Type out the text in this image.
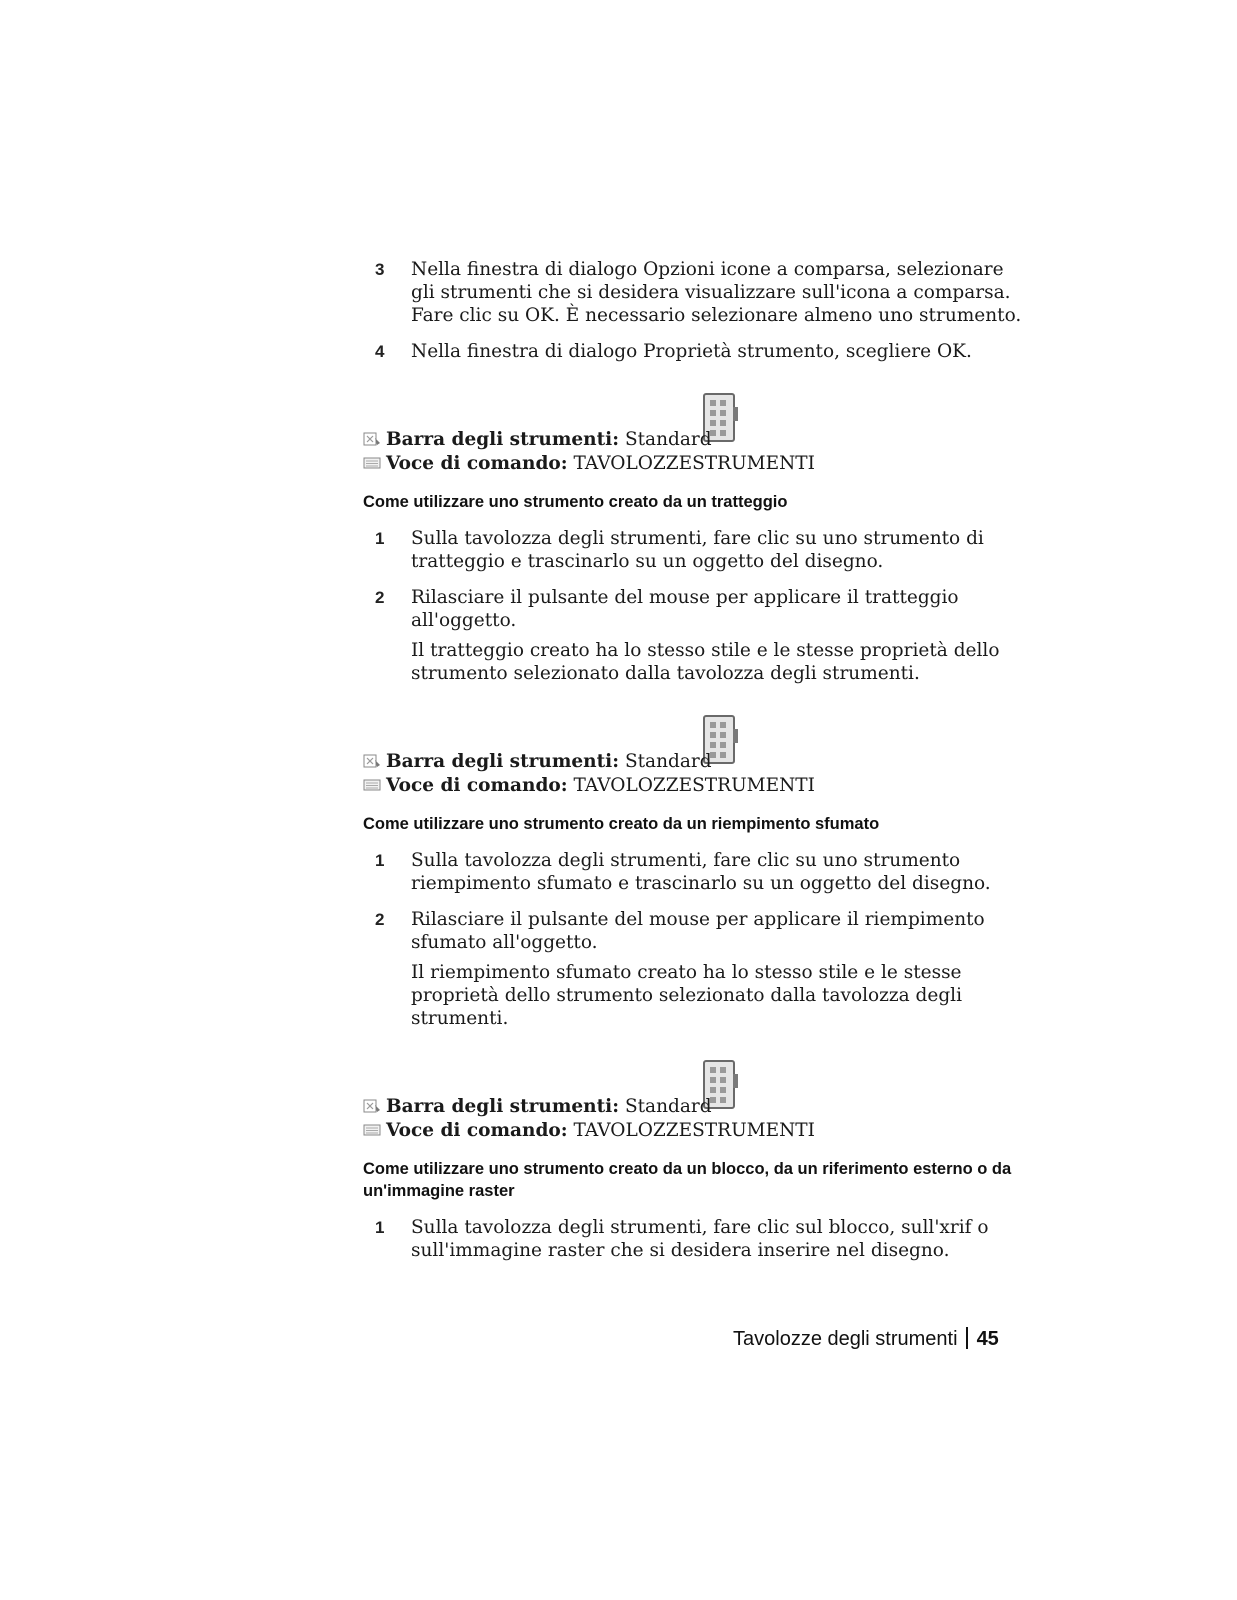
3 Nella finestra di dialogo Opzioni icone a comparsa, selezionare gli strumenti che si desidera visualizzare sull'icona a comparsa. Fare clic su OK. È necessario selezionare almeno uno strumento.
4 Nella finestra di dialogo Proprietà strumento, scegliere OK.
Barra degli strumenti: Standard
Voce di comando: TAVOLOZZESTRUMENTI
Come utilizzare uno strumento creato da un tratteggio
1 Sulla tavolozza degli strumenti, fare clic su uno strumento di tratteggio e trascinarlo su un oggetto del disegno.
2 Rilasciare il pulsante del mouse per applicare il tratteggio all'oggetto.
Il tratteggio creato ha lo stesso stile e le stesse proprietà dello strumento selezionato dalla tavolozza degli strumenti.
Barra degli strumenti: Standard
Voce di comando: TAVOLOZZESTRUMENTI
Come utilizzare uno strumento creato da un riempimento sfumato
1 Sulla tavolozza degli strumenti, fare clic su uno strumento riempimento sfumato e trascinarlo su un oggetto del disegno.
2 Rilasciare il pulsante del mouse per applicare il riempimento sfumato all'oggetto.
Il riempimento sfumato creato ha lo stesso stile e le stesse proprietà dello strumento selezionato dalla tavolozza degli strumenti.
Barra degli strumenti: Standard
Voce di comando: TAVOLOZZESTRUMENTI
Come utilizzare uno strumento creato da un blocco, da un riferimento esterno o da un'immagine raster
1 Sulla tavolozza degli strumenti, fare clic sul blocco, sull'xrif o sull'immagine raster che si desidera inserire nel disegno.
Tavolozze degli strumenti 45
